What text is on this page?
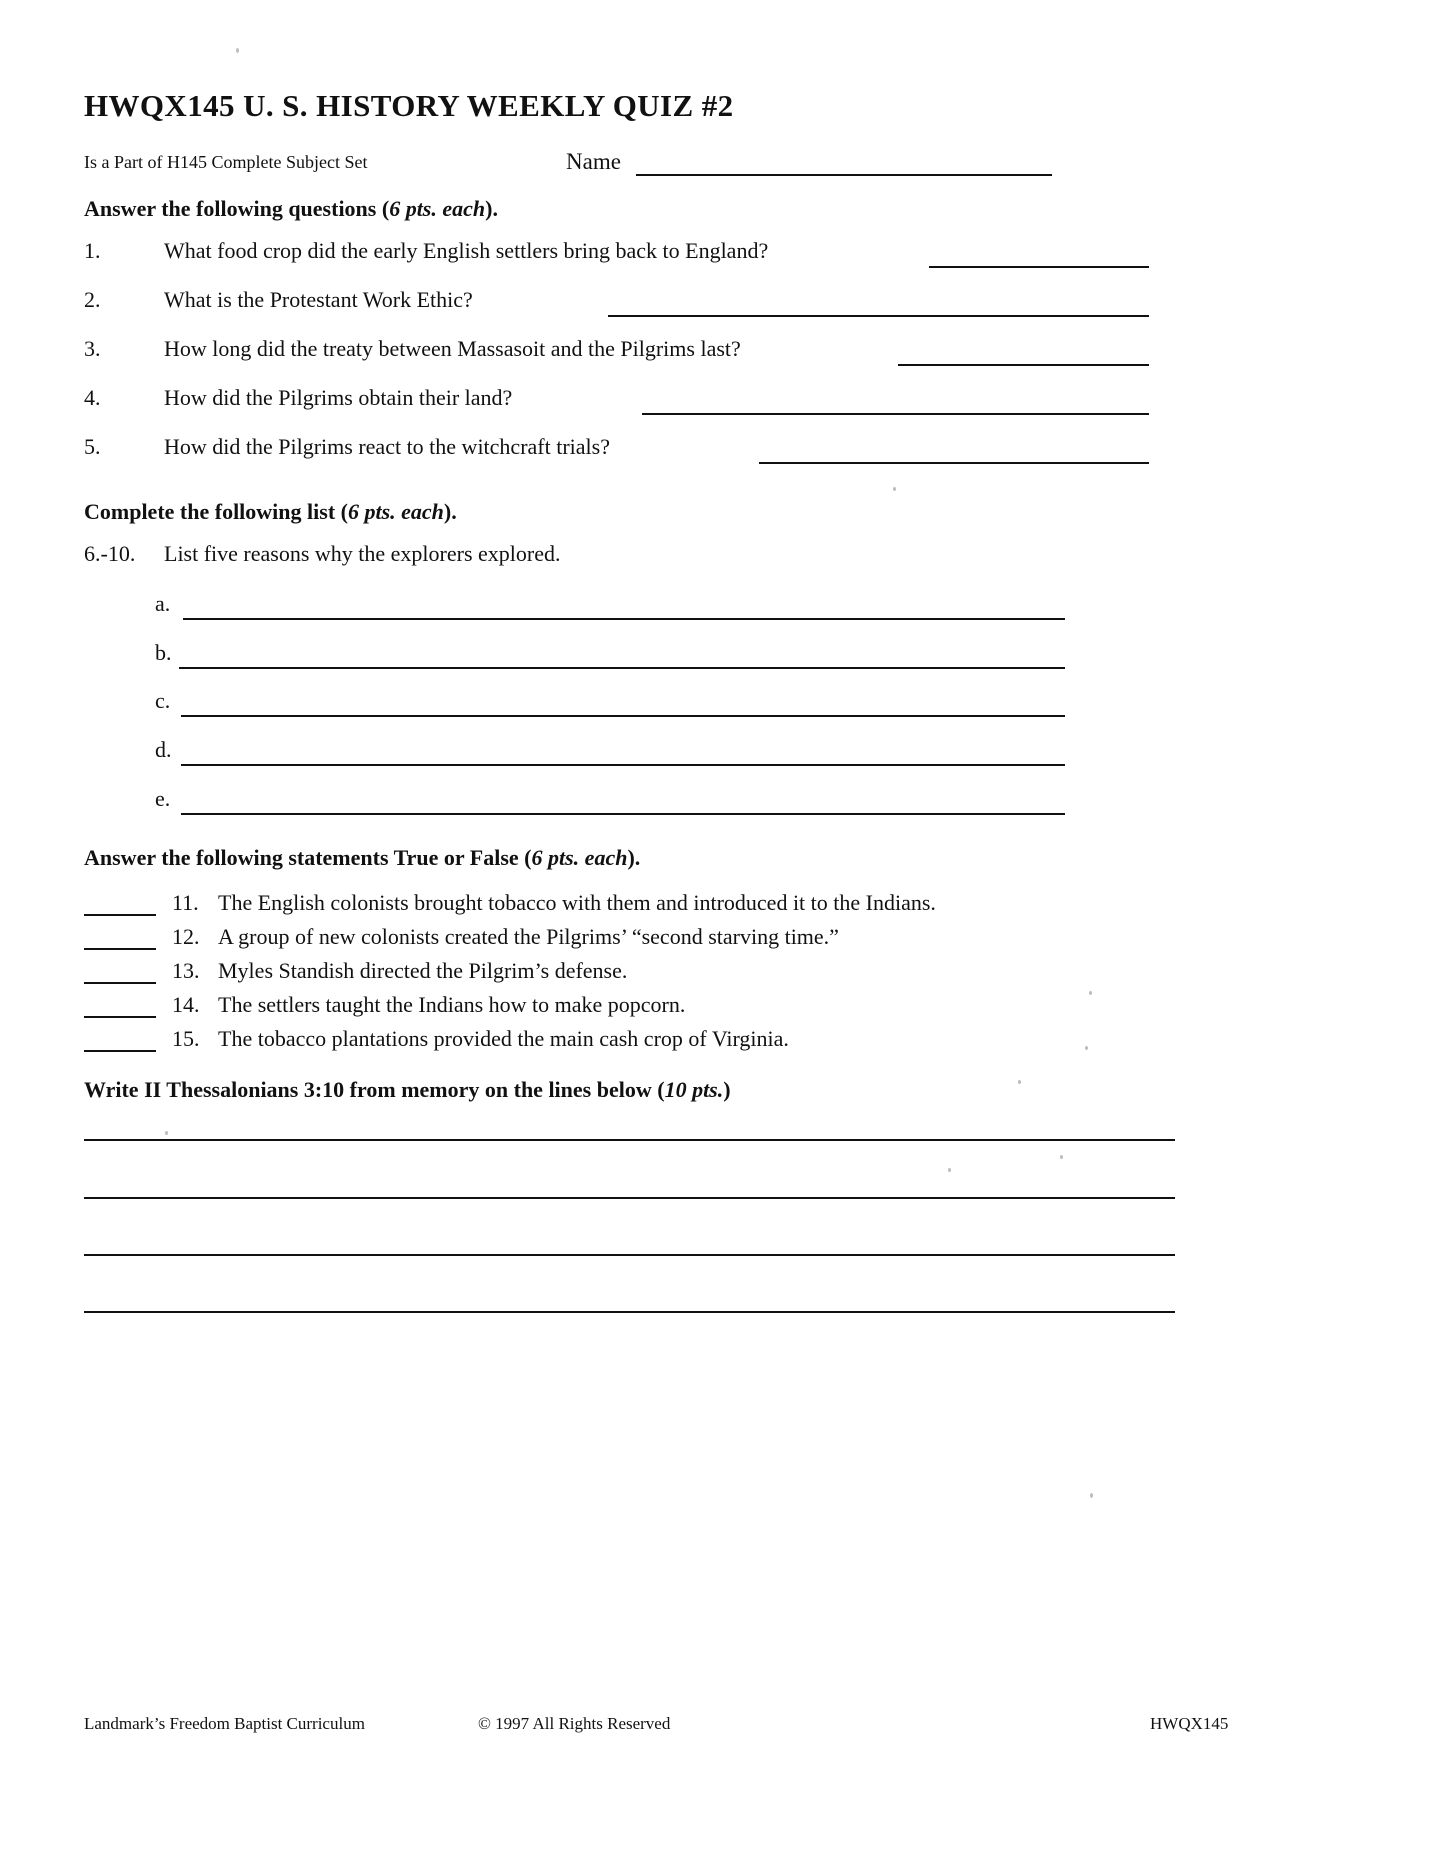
HWQX145 U. S. HISTORY WEEKLY QUIZ #2
Is a Part of H145 Complete Subject Set	Name
Answer the following questions (6 pts. each).
1.	What food crop did the early English settlers bring back to England?
2.	What is the Protestant Work Ethic?
3.	How long did the treaty between Massasoit and the Pilgrims last?
4.	How did the Pilgrims obtain their land?
5.	How did the Pilgrims react to the witchcraft trials?
Complete the following list (6 pts. each).
6.-10. List five reasons why the explorers explored.
a.
b.
c.
d.
e.
Answer the following statements True or False (6 pts. each).
11. The English colonists brought tobacco with them and introduced it to the Indians.
12. A group of new colonists created the Pilgrims’ “second starving time.”
13. Myles Standish directed the Pilgrim’s defense.
14. The settlers taught the Indians how to make popcorn.
15. The tobacco plantations provided the main cash crop of Virginia.
Write II Thessalonians 3:10 from memory on the lines below (10 pts.)
Landmark’s Freedom Baptist Curriculum	© 1997 All Rights Reserved	HWQX145
